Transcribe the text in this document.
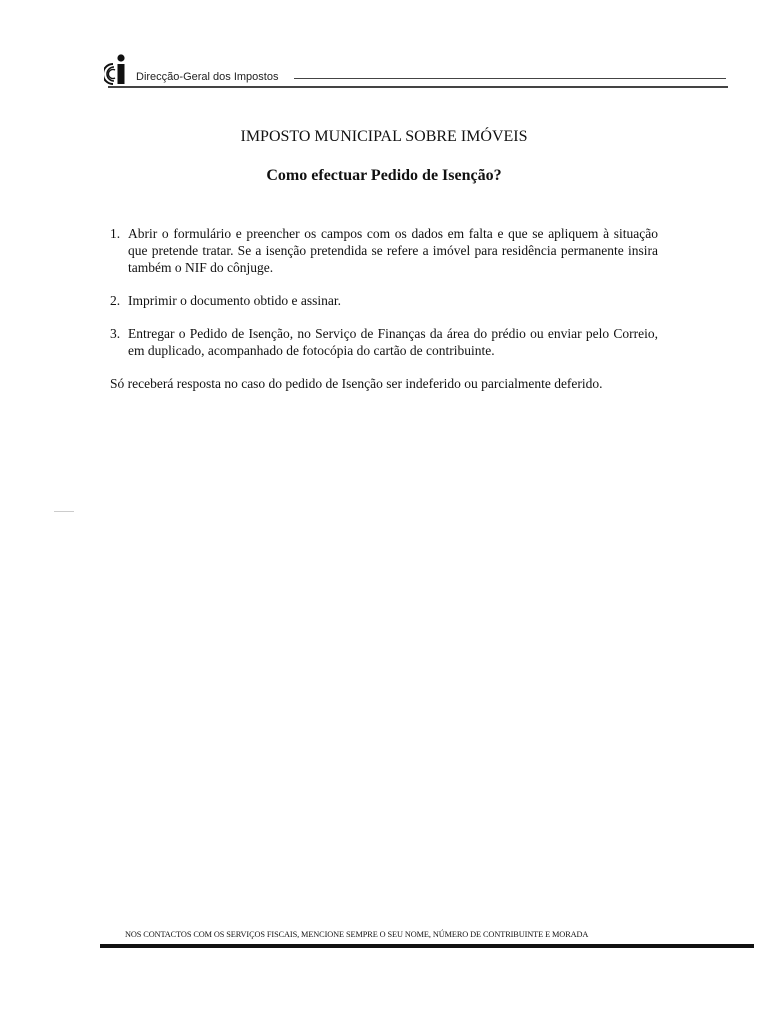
Direcção-Geral dos Impostos
IMPOSTO MUNICIPAL SOBRE IMÓVEIS
Como efectuar Pedido de Isenção?
1. Abrir o formulário e preencher os campos com os dados em falta e que se apliquem à situação que pretende tratar. Se a isenção pretendida se refere a imóvel para residência permanente insira também o NIF do cônjuge.
2. Imprimir o documento obtido e assinar.
3. Entregar o Pedido de Isenção, no Serviço de Finanças da área do prédio ou enviar pelo Correio, em duplicado, acompanhado de fotocópia do cartão de contribuinte.

Só receberá resposta no caso do pedido de Isenção ser indeferido ou parcialmente deferido.

NOS CONTACTOS COM OS SERVIÇOS FISCAIS, MENCIONE SEMPRE O SEU NOME, NÚMERO DE CONTRIBUINTE E MORADA
